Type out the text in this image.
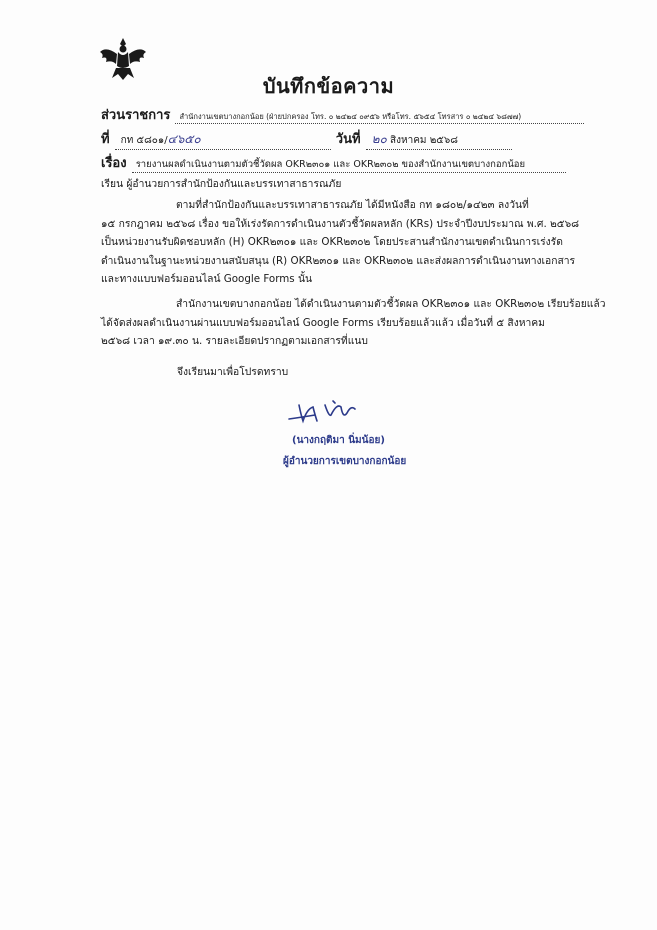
บันทึกข้อความ
ส่วนราชการ สำนักงานเขตบางกอกน้อย (ฝ่ายปกครอง โทร. ๐ ๒๔๒๔ ๐๙๕๖ หรือโทร. ๕๖๕๔ โทรสาร ๐ ๒๔๒๔ ๖๘๗๗)
ที่ กท ๕๘๐๑/๔๖๕๐	วันที่ ๒๐ สิงหาคม ๒๕๖๘
เรื่อง รายงานผลดำเนินงานตามตัวชี้วัดผล OKR๒๓๐๑ และ OKR๒๓๐๒ ของสำนักงานเขตบางกอกน้อย
เรียน ผู้อำนวยการสำนักป้องกันและบรรเทาสาธารณภัย
ตามที่สำนักป้องกันและบรรเทาสาธารณภัย ได้มีหนังสือ กท ๑๘๐๒/๑๔๒๓ ลงวันที่
๑๕ กรกฎาคม ๒๕๖๘ เรื่อง ขอให้เร่งรัดการดำเนินงานตัวชี้วัดผลหลัก (KRs) ประจำปีงบประมาณ พ.ศ. ๒๕๖๘
เป็นหน่วยงานรับผิดชอบหลัก (H) OKR๒๓๐๑ และ OKR๒๓๐๒ โดยประสานสำนักงานเขตดำเนินการเร่งรัด
ดำเนินงานในฐานะหน่วยงานสนับสนุน (R) OKR๒๓๐๑ และ OKR๒๓๐๒ และส่งผลการดำเนินงานทางเอกสาร
และทางแบบฟอร์มออนไลน์ Google Forms นั้น
สำนักงานเขตบางกอกน้อย ได้ดำเนินงานตามตัวชี้วัดผล OKR๒๓๐๑ และ OKR๒๓๐๒ เรียบร้อยแล้ว
ได้จัดส่งผลดำเนินงานผ่านแบบฟอร์มออนไลน์ Google Forms เรียบร้อยแล้วแล้ว เมื่อวันที่ ๕ สิงหาคม
๒๕๖๘ เวลา ๑๙.๓๐ น. รายละเอียดปรากฏตามเอกสารที่แนบ
จึงเรียนมาเพื่อโปรดทราบ
(นางกฤติมา นิ่มน้อย)
ผู้อำนวยการเขตบางกอกน้อย
